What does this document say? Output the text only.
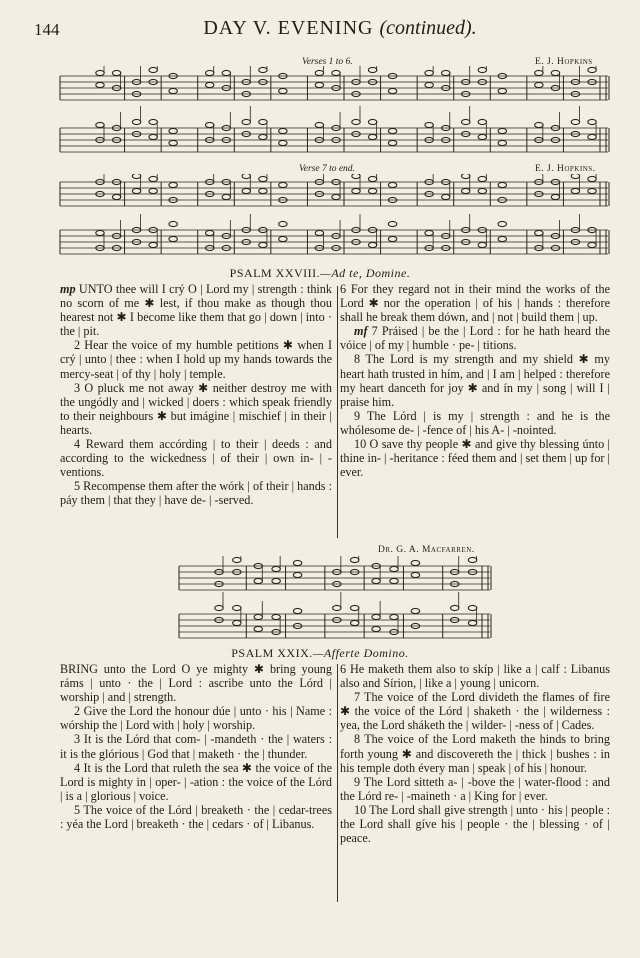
144	DAY V. EVENING (continued).
Verses 1 to 6.	E. J. Hopkins
Verse 7 to end.	E. J. Hopkins.
PSALM XXVIII.—Ad te, Domine.

mp UNTO thee will I crý O | Lord my | strength : think no scorn of me ✱ lest, if thou make as though thou hearest not ✱ I become like them that go | down | into · the | pit.

2 Hear the voice of my humble petitions ✱ when I crý | unto | thee : when I hold up my hands towards the mercy-seat | of thy | holy | temple.

3 O pluck me not away ✱ neither destroy me with the ungódly and | wicked | doers : which speak friendly to their neighbours ✱ but imágine | mischief | in their | hearts.

4 Reward them accórding | to their | deeds : and according to the wickedness | of their | own in- | -ventions.

5 Recompense them after the wórk | of their | hands : páy them | that they | have de- | -served.

6 For they regard not in their mind the works of the Lord ✱ nor the operation | of his | hands : therefore shall he break them dówn, and | not | build them | up.

mf 7 Práised | be the | Lord : for he hath heard the vóice | of my | humble · pe- | titions.

8 The Lord is my strength and my shield ✱ my heart hath trusted in hím, and | I am | helped : therefore my heart danceth for joy ✱ and ín my | song | will I | praise him.

9 The Lórd | is my | strength : and he is the whólesome de- | -fence of | his A- | -nointed.

10 O save thy people ✱ and give thy blessing únto | thine in- | -heritance : féed them and | set them | up for | ever.

Dr. G. A. Macfarren.
PSALM XXIX.—Afferte Domino.

BRING unto the Lord O ye mighty ✱ bring young ráms | unto · the | Lord : ascribe unto the Lórd | worship | and | strength.

2 Give the Lord the honour dúe | unto · his | Name : wórship the | Lord with | holy | worship.

3 It is the Lórd that com- | -mandeth · the | waters : it is the glórious | God that | maketh · the | thunder.

4 It is the Lord that ruleth the sea ✱ the voice of the Lord is mighty in | oper- | -ation : the voice of the Lórd | is a | glorious | voice.

5 The voice of the Lórd | breaketh · the | cedar-trees : yéa the Lord | breaketh · the | cedars · of | Libanus.

6 He maketh them also to skíp | like a | calf : Libanus also and Sírion, | like a | young | unicorn.

7 The voice of the Lord divideth the flames of fire ✱ the voice of the Lórd | shaketh · the | wilderness : yea, the Lord sháketh the | wilder- | -ness of | Cades.

8 The voice of the Lord maketh the hinds to bring forth young ✱ and discovereth the | thick | bushes : in his temple doth évery man | speak | of his | honour.

9 The Lord sitteth a- | -bove the | water-flood : and the Lórd re- | -maineth · a | King for | ever.

10 The Lord shall give strength | unto · his | people : the Lord shall gíve his | people · the | blessing · of | peace.
